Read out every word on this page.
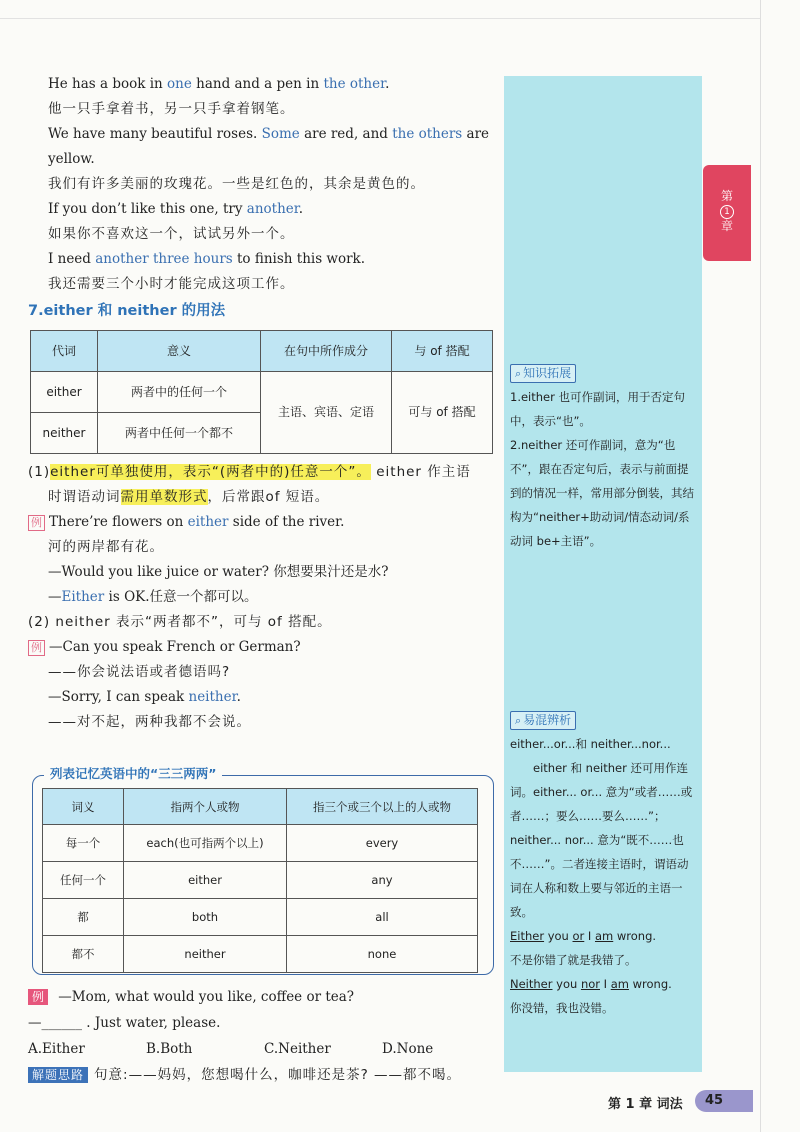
He has a book in one hand and a pen in the other.
他一只手拿着书，另一只手拿着钢笔。
We have many beautiful roses. Some are red, and the others are
yellow.
我们有许多美丽的玫瑰花。一些是红色的，其余是黄色的。
If you don’t like this one, try another.
如果你不喜欢这一个，试试另外一个。
I need another three hours to finish this work.
我还需要三个小时才能完成这项工作。
7.either 和 neither 的用法
代词	意义	在句中所作成分	与 of 搭配
either	两者中的任何一个	主语、宾语、定语	可与 of 搭配
neither	两者中任何一个都不		
(1)either可单独使用，表示“(两者中的)任意一个”。 either 作主语
时谓语动词需用单数形式，后常跟of 短语。
例 There’re flowers on either side of the river.
河的两岸都有花。
—Would you like juice or water? 你想要果汁还是水?
—Either is OK.任意一个都可以。
(2) neither 表示“两者都不”，可与 of 搭配。
例 —Can you speak French or German?
——你会说法语或者德语吗?
—Sorry, I can speak neither.
——对不起，两种我都不会说。
列表记忆英语中的“三三两两”
词义	指两个人或物	指三个或三个以上的人或物
每一个	each(也可指两个以上)	every
任何一个	either	any
都	both	all
都不	neither	none
例 —Mom, what would you like, coffee or tea?
—______ . Just water, please.
A.Either	B.Both	C.Neither	D.None
解题思路 句意:——妈妈，您想喝什么，咖啡还是茶? ——都不喝。
⌕ 知识拓展
1.either 也可作副词，用于否定句中，表示“也”。
2.neither 还可作副词，意为“也不”，跟在否定句后，表示与前面提到的情况一样，常用部分倒装，其结构为“neither+助动词/情态动词/系动词 be+主语”。
⌕ 易混辨析
either...or...和 neither...nor...
either 和 neither 还可用作连词。either... or... 意为“或者……或者……；要么……要么……”；neither... nor... 意为“既不……也不……”。二者连接主语时，谓语动词在人称和数上要与邻近的主语一致。
Either you or I am wrong.
不是你错了就是我错了。
Neither you nor I am wrong.
你没错，我也没错。
第
1
章
第 1 章 词法	45
